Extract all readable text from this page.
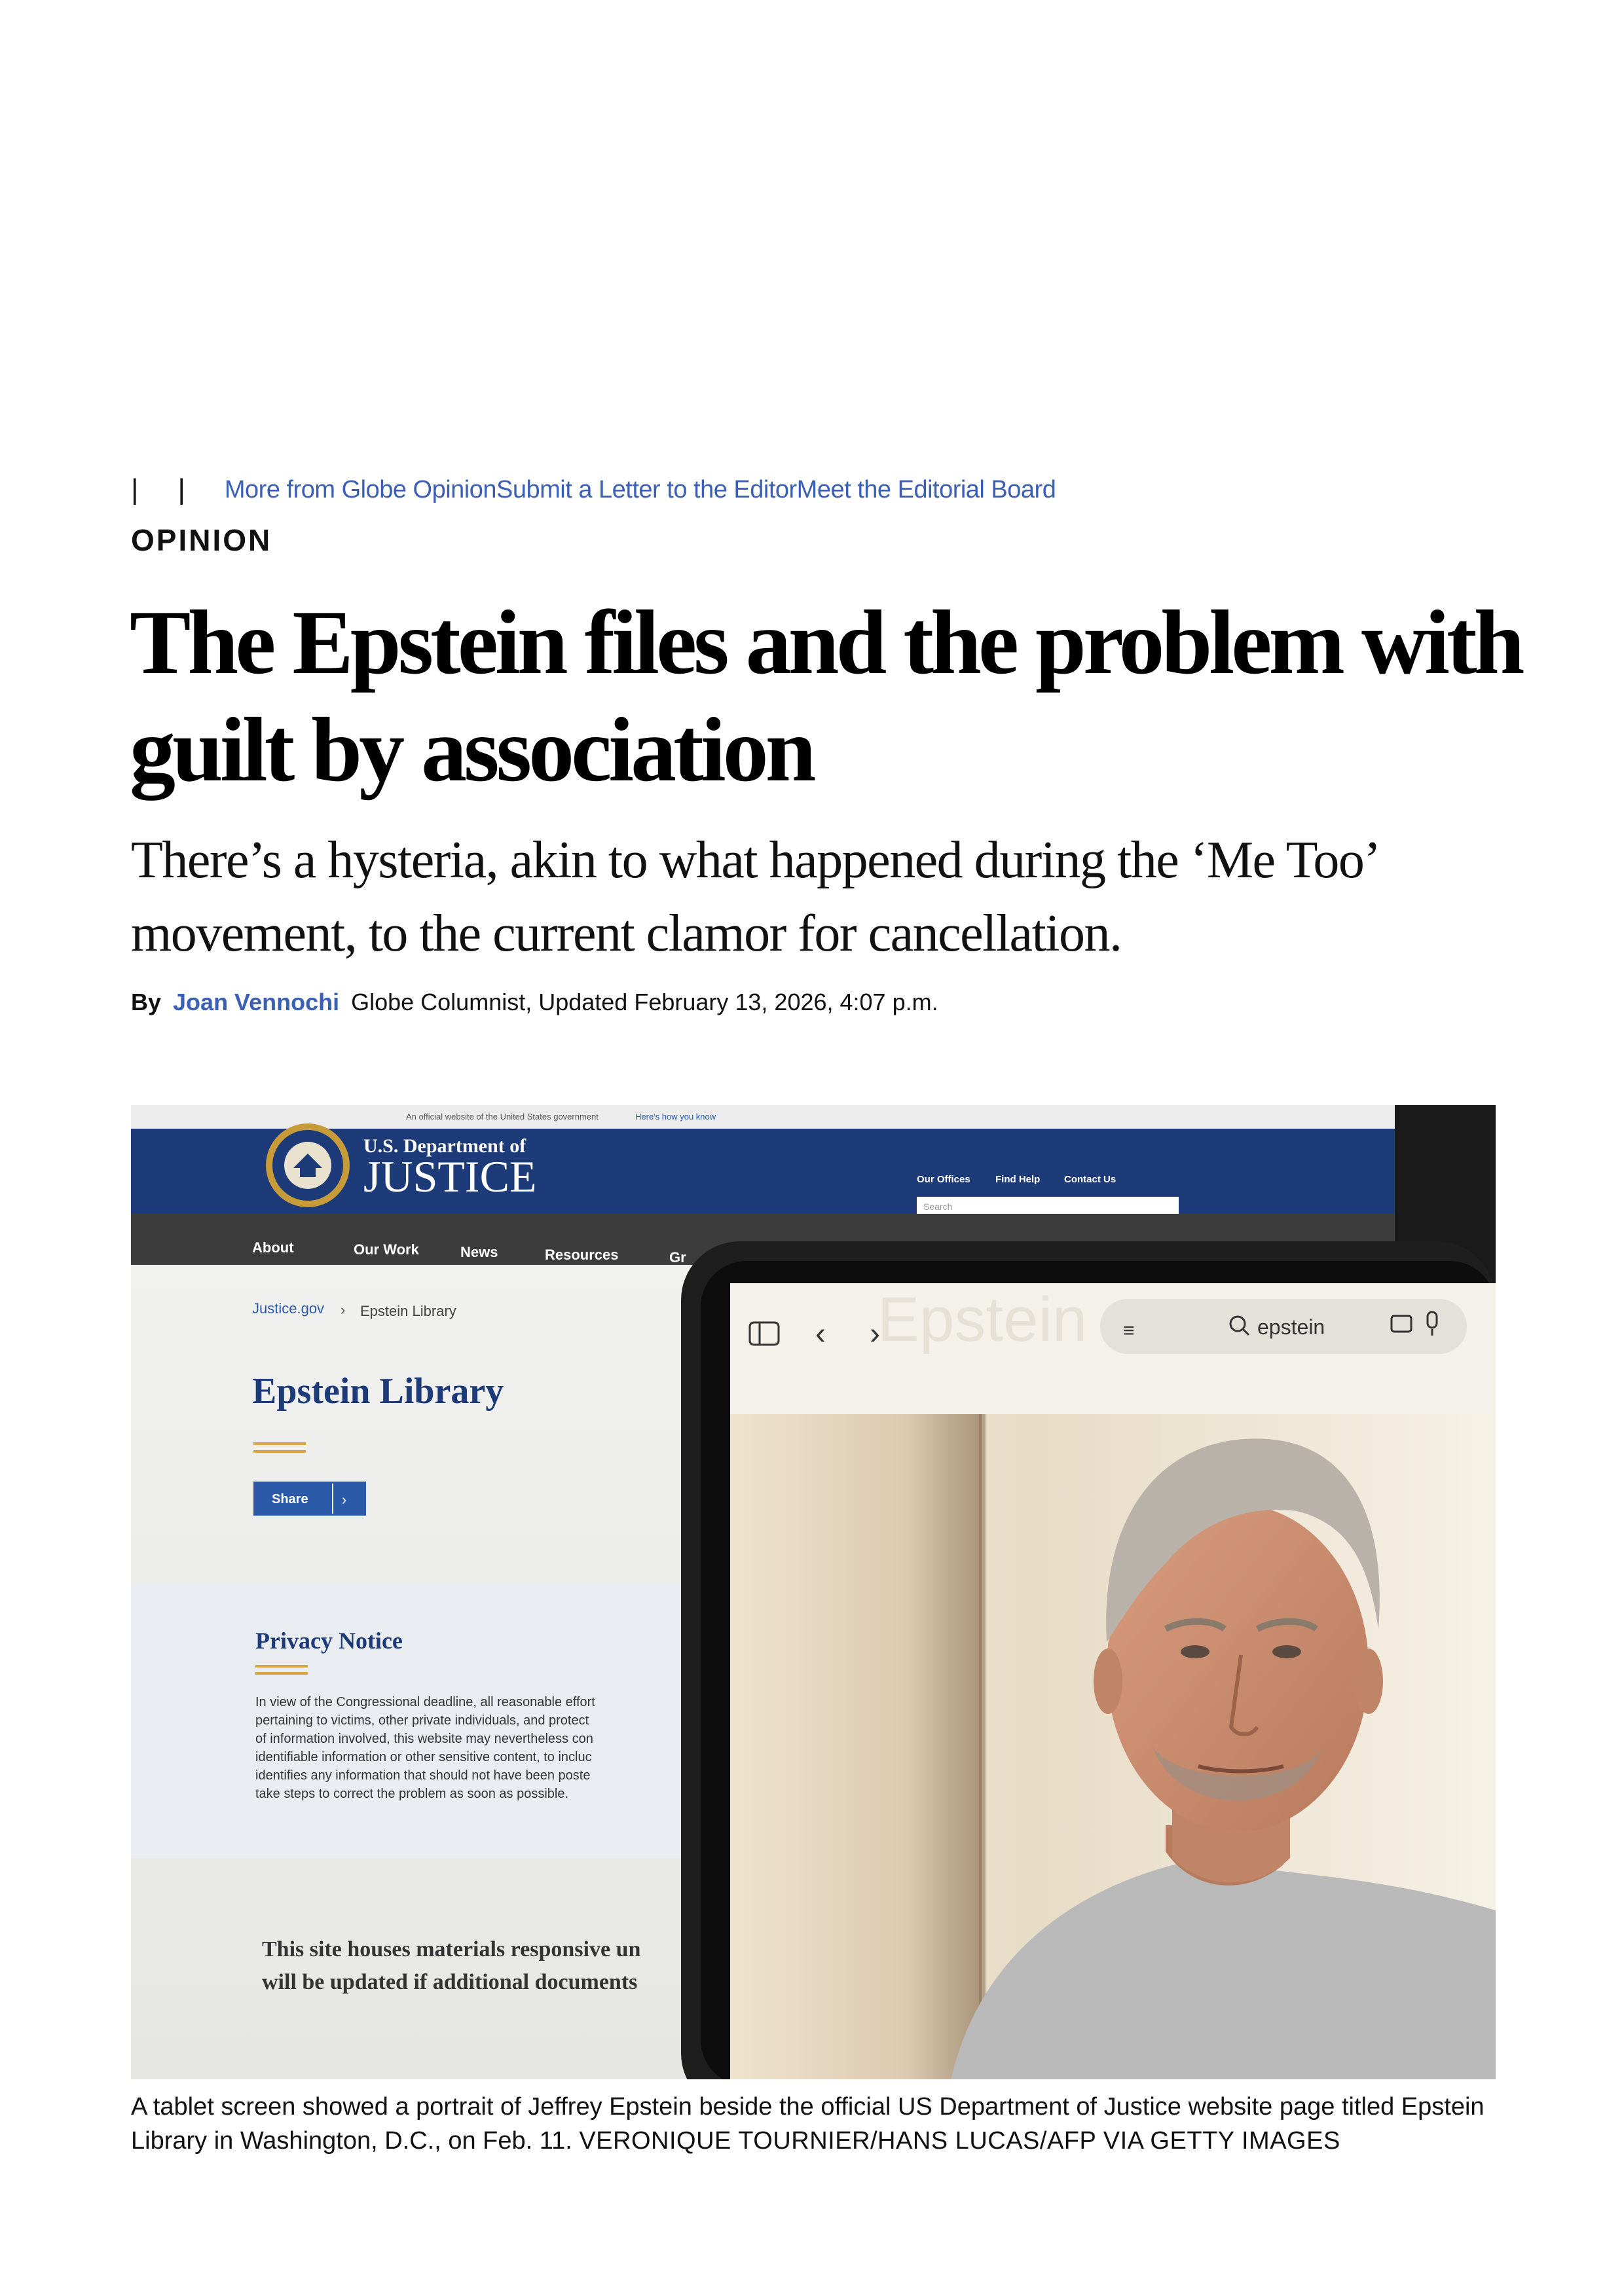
| | More from Globe OpinionSubmit a Letter to the EditorMeet the Editorial Board
OPINION
The Epstein files and the problem with guilt by association

There’s a hysteria, akin to what happened during the ‘Me Too’ movement, to the current clamor for cancellation.

By Joan Vennochi Globe Columnist, Updated February 13, 2026, 4:07 p.m.
An official website of the United States government	Here's how you know
U.S. Department of
JUSTICE	Our Offices	Find Help Contact Us
Search
About	Our Work	News	Resources	Gr
Justice.gov › Epstein Library
Epstein Library
Share ›
Privacy Notice
In view of the Congressional deadline, all reasonable effort
pertaining to victims, other private individuals, and protect
of information involved, this website may nevertheless con
identifiable information or other sensitive content, to incluc
identifies any information that should not have been poste
take steps to correct the problem as soon as possible.
This site houses materials responsive un
will be updated if additional documents
Epstein
‹ ›	≡	epstein
A tablet screen showed a portrait of Jeffrey Epstein beside the official US Department of Justice website page titled Epstein Library in Washington, D.C., on Feb. 11. VERONIQUE TOURNIER/HANS LUCAS/AFP VIA GETTY IMAGES
